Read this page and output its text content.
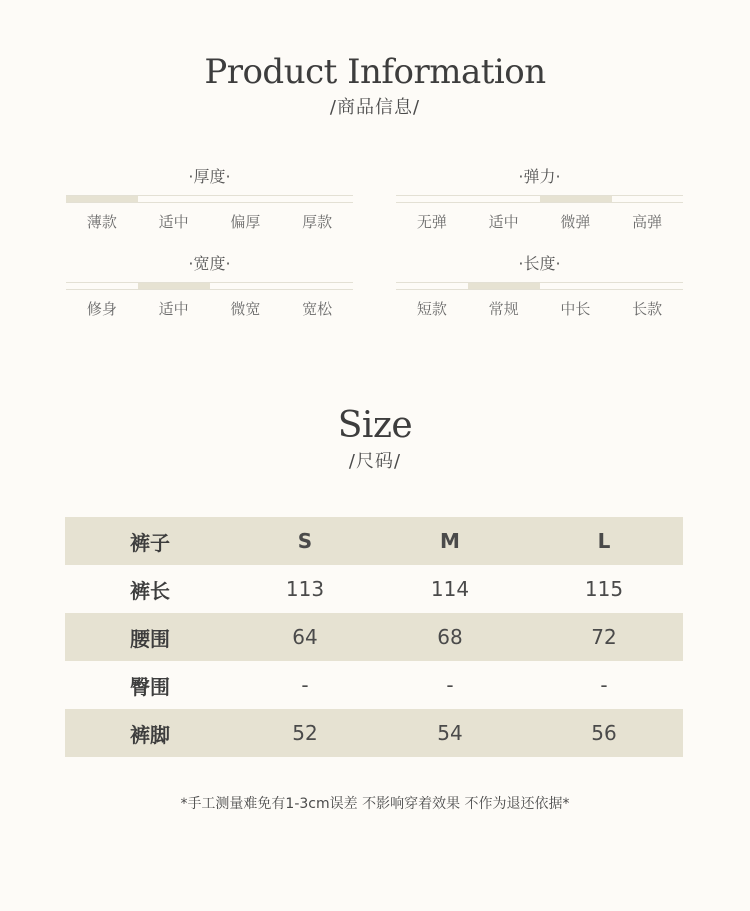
Product Information
/商品信息/
·厚度·
薄款	适中	偏厚	厚款
·弹力·
无弹	适中	微弹	高弹
·宽度·
修身	适中	微宽	宽松
·长度·
短款	常规	中长	长款
Size
/尺码/
裤子	S	M	L
裤长	113	114	115
腰围	64	68	72
臀围	-	-	-
裤脚	52	54	56
*手工测量难免有1-3cm误差 不影响穿着效果 不作为退还依据*
